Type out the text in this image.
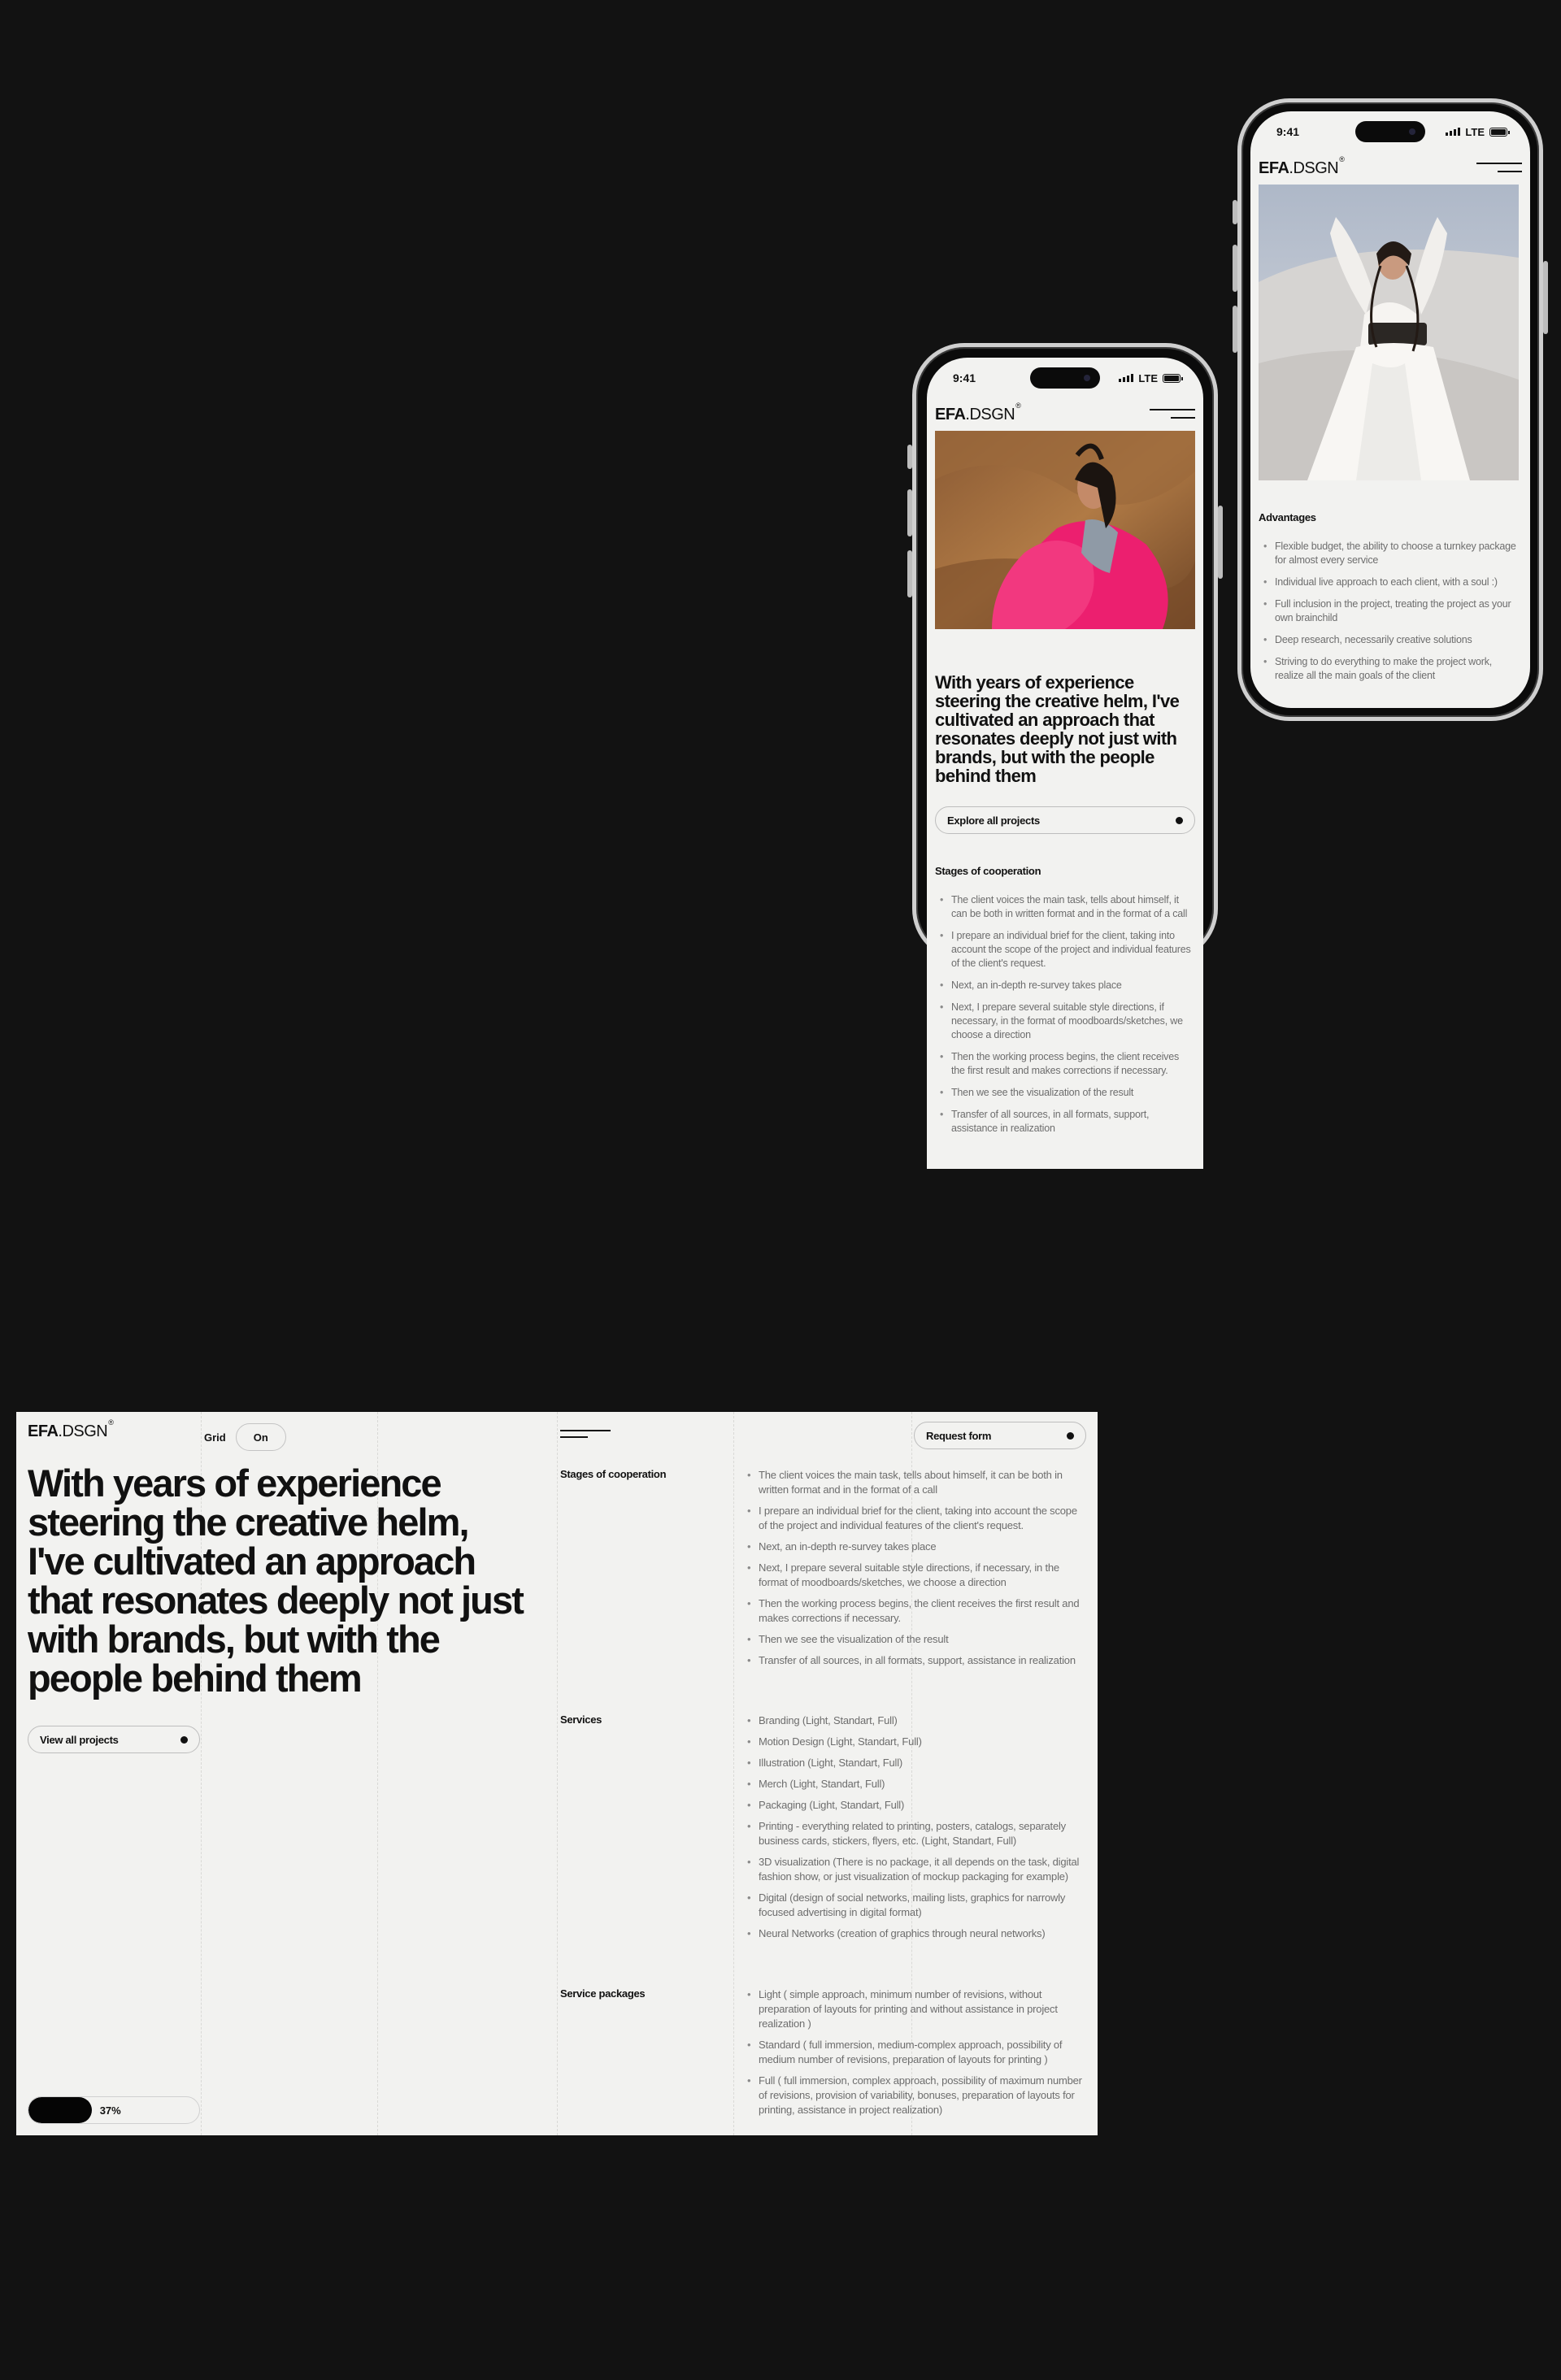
9:41	LTE
EFA.DSGN ®
With years of experience steering the creative helm, I've cultivated an approach that resonates deeply not just with brands, but with the people behind them
Explore all projects
Stages of cooperation
• The client voices the main task, tells about himself, it can be both in written format and in the format of a call
• I prepare an individual brief for the client, taking into account the scope of the project and individual features of the client's request.
• Next, an in-depth re-survey takes place
• Next, I prepare several suitable style directions, if necessary, in the format of moodboards/sketches, we choose a direction
• Then the working process begins, the client receives the first result and makes corrections if necessary.
• Then we see the visualization of the result
• Transfer of all sources, in all formats, support, assistance in realization
9:41	LTE
EFA.DSGN ®
Advantages
• Flexible budget, the ability to choose a turnkey package for almost every service
• Individual live approach to each client, with a soul :)
• Full inclusion in the project, treating the project as your own brainchild
• Deep research, necessarily creative solutions
• Striving to do everything to make the project work, realize all the main goals of the client
EFA.DSGN ®
Grid	On	Request form
With years of experience steering the creative helm, I've cultivated an approach that resonates deeply not just with brands, but with the people behind them
View all projects
37%
Stages of cooperation	• The client voices the main task, tells about himself, it can be both in written format and in the format of a call
• I prepare an individual brief for the client, taking into account the scope of the project and individual features of the client's request.
• Next, an in-depth re-survey takes place
• Next, I prepare several suitable style directions, if necessary, in the format of moodboards/sketches, we choose a direction
• Then the working process begins, the client receives the first result and makes corrections if necessary.
• Then we see the visualization of the result
• Transfer of all sources, in all formats, support, assistance in realization
Services	• Branding (Light, Standart, Full)
• Motion Design (Light, Standart, Full)
• Illustration (Light, Standart, Full)
• Merch (Light, Standart, Full)
• Packaging (Light, Standart, Full)
• Printing - everything related to printing, posters, catalogs, separately business cards, stickers, flyers, etc. (Light, Standart, Full)
• 3D visualization (There is no package, it all depends on the task, digital fashion show, or just visualization of mockup packaging for example)
• Digital (design of social networks, mailing lists, graphics for narrowly focused advertising in digital format)
• Neural Networks (creation of graphics through neural networks)
Service packages	• Light ( simple approach, minimum number of revisions, without preparation of layouts for printing and without assistance in project realization )
• Standard ( full immersion, medium-complex approach, possibility of medium number of revisions, preparation of layouts for printing )
• Full ( full immersion, complex approach, possibility of maximum number of revisions, provision of variability, bonuses, preparation of layouts for printing, assistance in project realization)
